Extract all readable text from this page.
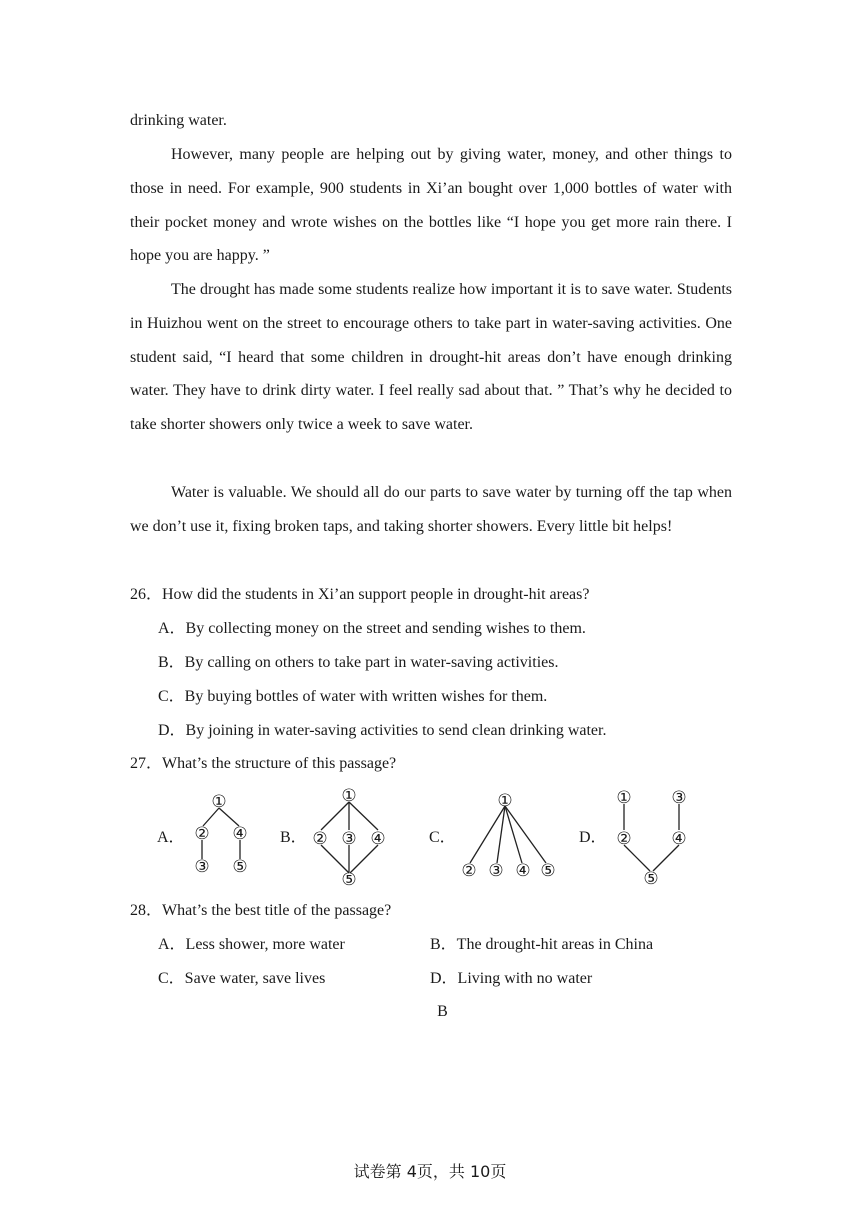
drinking water.

However, many people are helping out by giving water, money, and other things to those in need. For example, 900 students in Xi’an bought over 1,000 bottles of water with their pocket money and wrote wishes on the bottles like “I hope you get more rain there. I hope you are happy. ”

The drought has made some students realize how important it is to save water. Students in Huizhou went on the street to encourage others to take part in water-saving activities. One student said, “I heard that some children in drought-hit areas don’t have enough drinking water. They have to drink dirty water. I feel really sad about that. ” That’s why he decided to take shorter showers only twice a week to save water.

Water is valuable. We should all do our parts to save water by turning off the tap when we don’t use it, fixing broken taps, and taking shorter showers. Every little bit helps!

26．How did the students in Xi’an support people in drought-hit areas?
A．By collecting money on the street and sending wishes to them.
B．By calling on others to take part in water-saving activities.
C．By buying bottles of water with written wishes for them.
D．By joining in water-saving activities to send clean drinking water.
27．What’s the structure of this passage?
A．	B．	C．	D．
①
② ④
③ ⑤
①
② ③ ④
⑤
①
② ③ ④ ⑤
① ③
② ④
⑤
28．What’s the best title of the passage?
A．Less shower, more water	B．The drought-hit areas in China
C．Save water, save lives	D．Living with no water
B
试卷第 4页，共 10页
